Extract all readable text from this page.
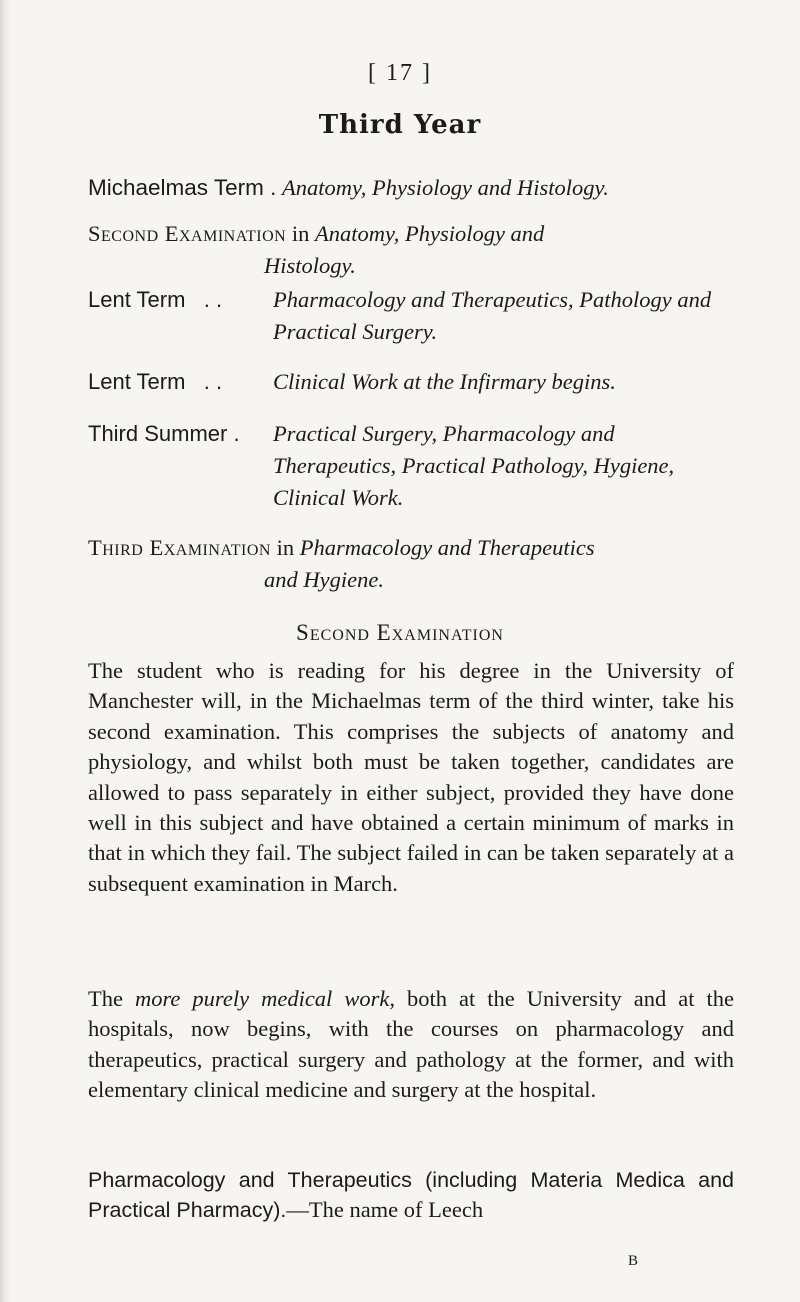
[ 17 ]
Third Year
Michaelmas Term . Anatomy, Physiology and Histology.
Second Examination in Anatomy, Physiology and
Histology.
Lent Term . .	Pharmacology and Therapeutics, Pathology and Practical Surgery.
Lent Term . .	Clinical Work at the Infirmary begins.
Third Summer .	Practical Surgery, Pharmacology and Therapeutics, Practical Pathology, Hygiene, Clinical Work.
Third Examination in Pharmacology and Therapeutics
and Hygiene.
Second Examination

The student who is reading for his degree in the University of Manchester will, in the Michaelmas term of the third winter, take his second examination. This comprises the subjects of anatomy and physiology, and whilst both must be taken together, candidates are allowed to pass separately in either subject, provided they have done well in this subject and have obtained a certain minimum of marks in that in which they fail. The subject failed in can be taken separately at a subsequent examination in March.

The more purely medical work, both at the University and at the hospitals, now begins, with the courses on pharmacology and therapeutics, practical surgery and pathology at the former, and with elementary clinical medicine and surgery at the hospital.

Pharmacology and Therapeutics (including Materia Medica and Practical Pharmacy).—The name of Leech

B
